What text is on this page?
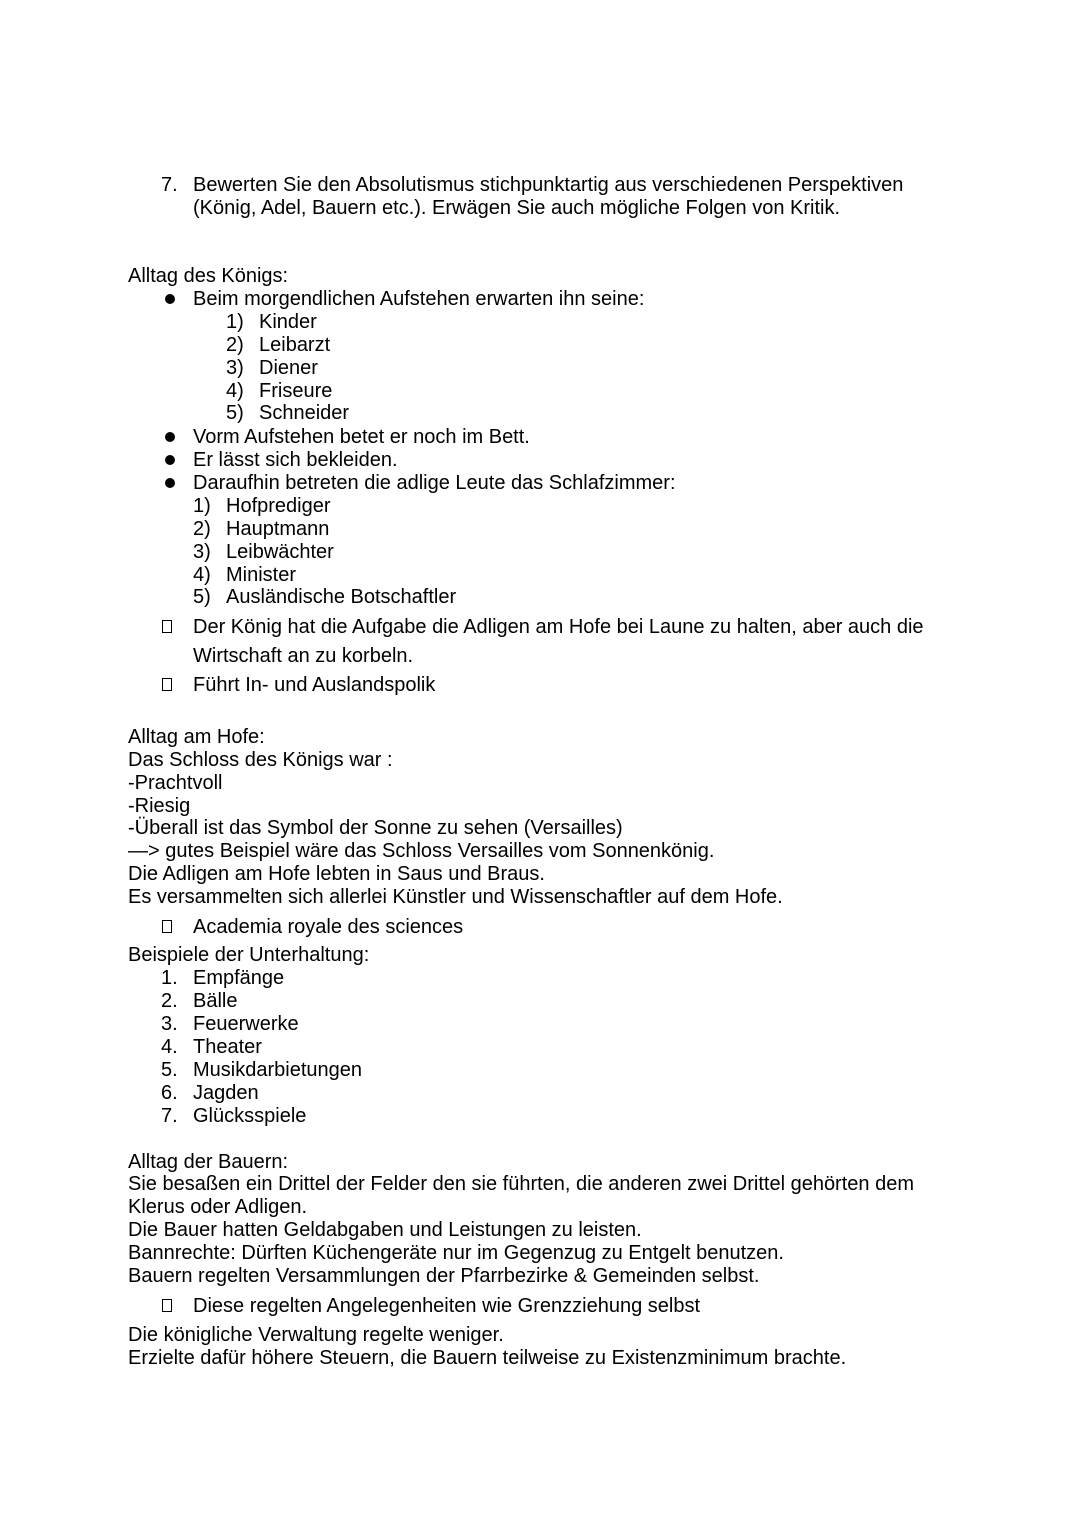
7. Bewerten Sie den Absolutismus stichpunktartig aus verschiedenen Perspektiven
(König, Adel, Bauern etc.). Erwägen Sie auch mögliche Folgen von Kritik.
Alltag des Königs:
Beim morgendlichen Aufstehen erwarten ihn seine:
1) Kinder
2) Leibarzt
3) Diener
4) Friseure
5) Schneider
Vorm Aufstehen betet er noch im Bett.
Er lässt sich bekleiden.
Daraufhin betreten die adlige Leute das Schlafzimmer:
1) Hofprediger
2) Hauptmann
3) Leibwächter
4) Minister
5) Ausländische Botschaftler
Der König hat die Aufgabe die Adligen am Hofe bei Laune zu halten, aber auch die
Wirtschaft an zu korbeln.
Führt In- und Auslandspolik
Alltag am Hofe:
Das Schloss des Königs war :
-Prachtvoll
-Riesig
-Überall ist das Symbol der Sonne zu sehen (Versailles)
—> gutes Beispiel wäre das Schloss Versailles vom Sonnenkönig.
Die Adligen am Hofe lebten in Saus und Braus.
Es versammelten sich allerlei Künstler und Wissenschaftler auf dem Hofe.
Academia royale des sciences
Beispiele der Unterhaltung:
1. Empfänge
2. Bälle
3. Feuerwerke
4. Theater
5. Musikdarbietungen
6. Jagden
7. Glücksspiele
Alltag der Bauern:
Sie besaßen ein Drittel der Felder den sie führten, die anderen zwei Drittel gehörten dem
Klerus oder Adligen.
Die Bauer hatten Geldabgaben und Leistungen zu leisten.
Bannrechte: Dürften Küchengeräte nur im Gegenzug zu Entgelt benutzen.
Bauern regelten Versammlungen der Pfarrbezirke & Gemeinden selbst.
Diese regelten Angelegenheiten wie Grenzziehung selbst
Die königliche Verwaltung regelte weniger.
Erzielte dafür höhere Steuern, die Bauern teilweise zu Existenzminimum brachte.
